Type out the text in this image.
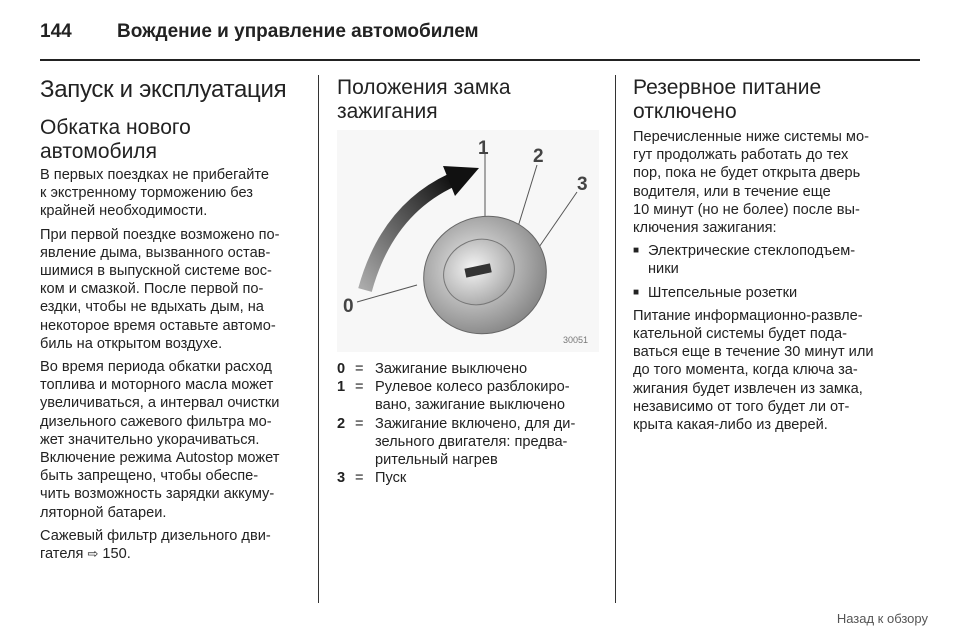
144 Вождение и управление автомобилем
Запуск и эксплуатация
Обкатка нового
автомобиля

В первых поездках не прибегайте
к экстренному торможению без
крайней необходимости.

При первой поездке возможено по-
явление дыма, вызванного остав-
шимися в выпускной системе вос-
ком и смазкой. После первой по-
ездки, чтобы не вдыхать дым, на
некоторое время оставьте автомо-
биль на открытом воздухе.

Во время периода обкатки расход
топлива и моторного масла может
увеличиваться, а интервал очистки
дизельного сажевого фильтра мо-
жет значительно укорачиваться.
Включение режима Autostop может
быть запрещено, чтобы обеспе-
чить возможность зарядки аккуму-
ляторной батареи.

Сажевый фильтр дизельного дви-
гателя ⇨ 150.

Положения замка
зажигания
0
1 2
3
30051
0 = Зажигание выключено
1 = Рулевое колесо разблокиро-
вано, зажигание выключено
2 = Зажигание включено, для ди-
зельного двигателя: предва-
рительный нагрев
3 = Пуск
Резервное питание
отключено

Перечисленные ниже системы мо-
гут продолжать работать до тех
пор, пока не будет открыта дверь
водителя, или в течение еще
10 минут (но не более) после вы-
ключения зажигания:

■ Электрические стеклоподъем-
ники
■ Штепсельные розетки

Питание информационно-развле-
кательной системы будет пода-
ваться еще в течение 30 минут или
до того момента, когда ключа за-
жигания будет извлечен из замка,
независимо от того будет ли от-
крыта какая-либо из дверей.

Назад к обзору
